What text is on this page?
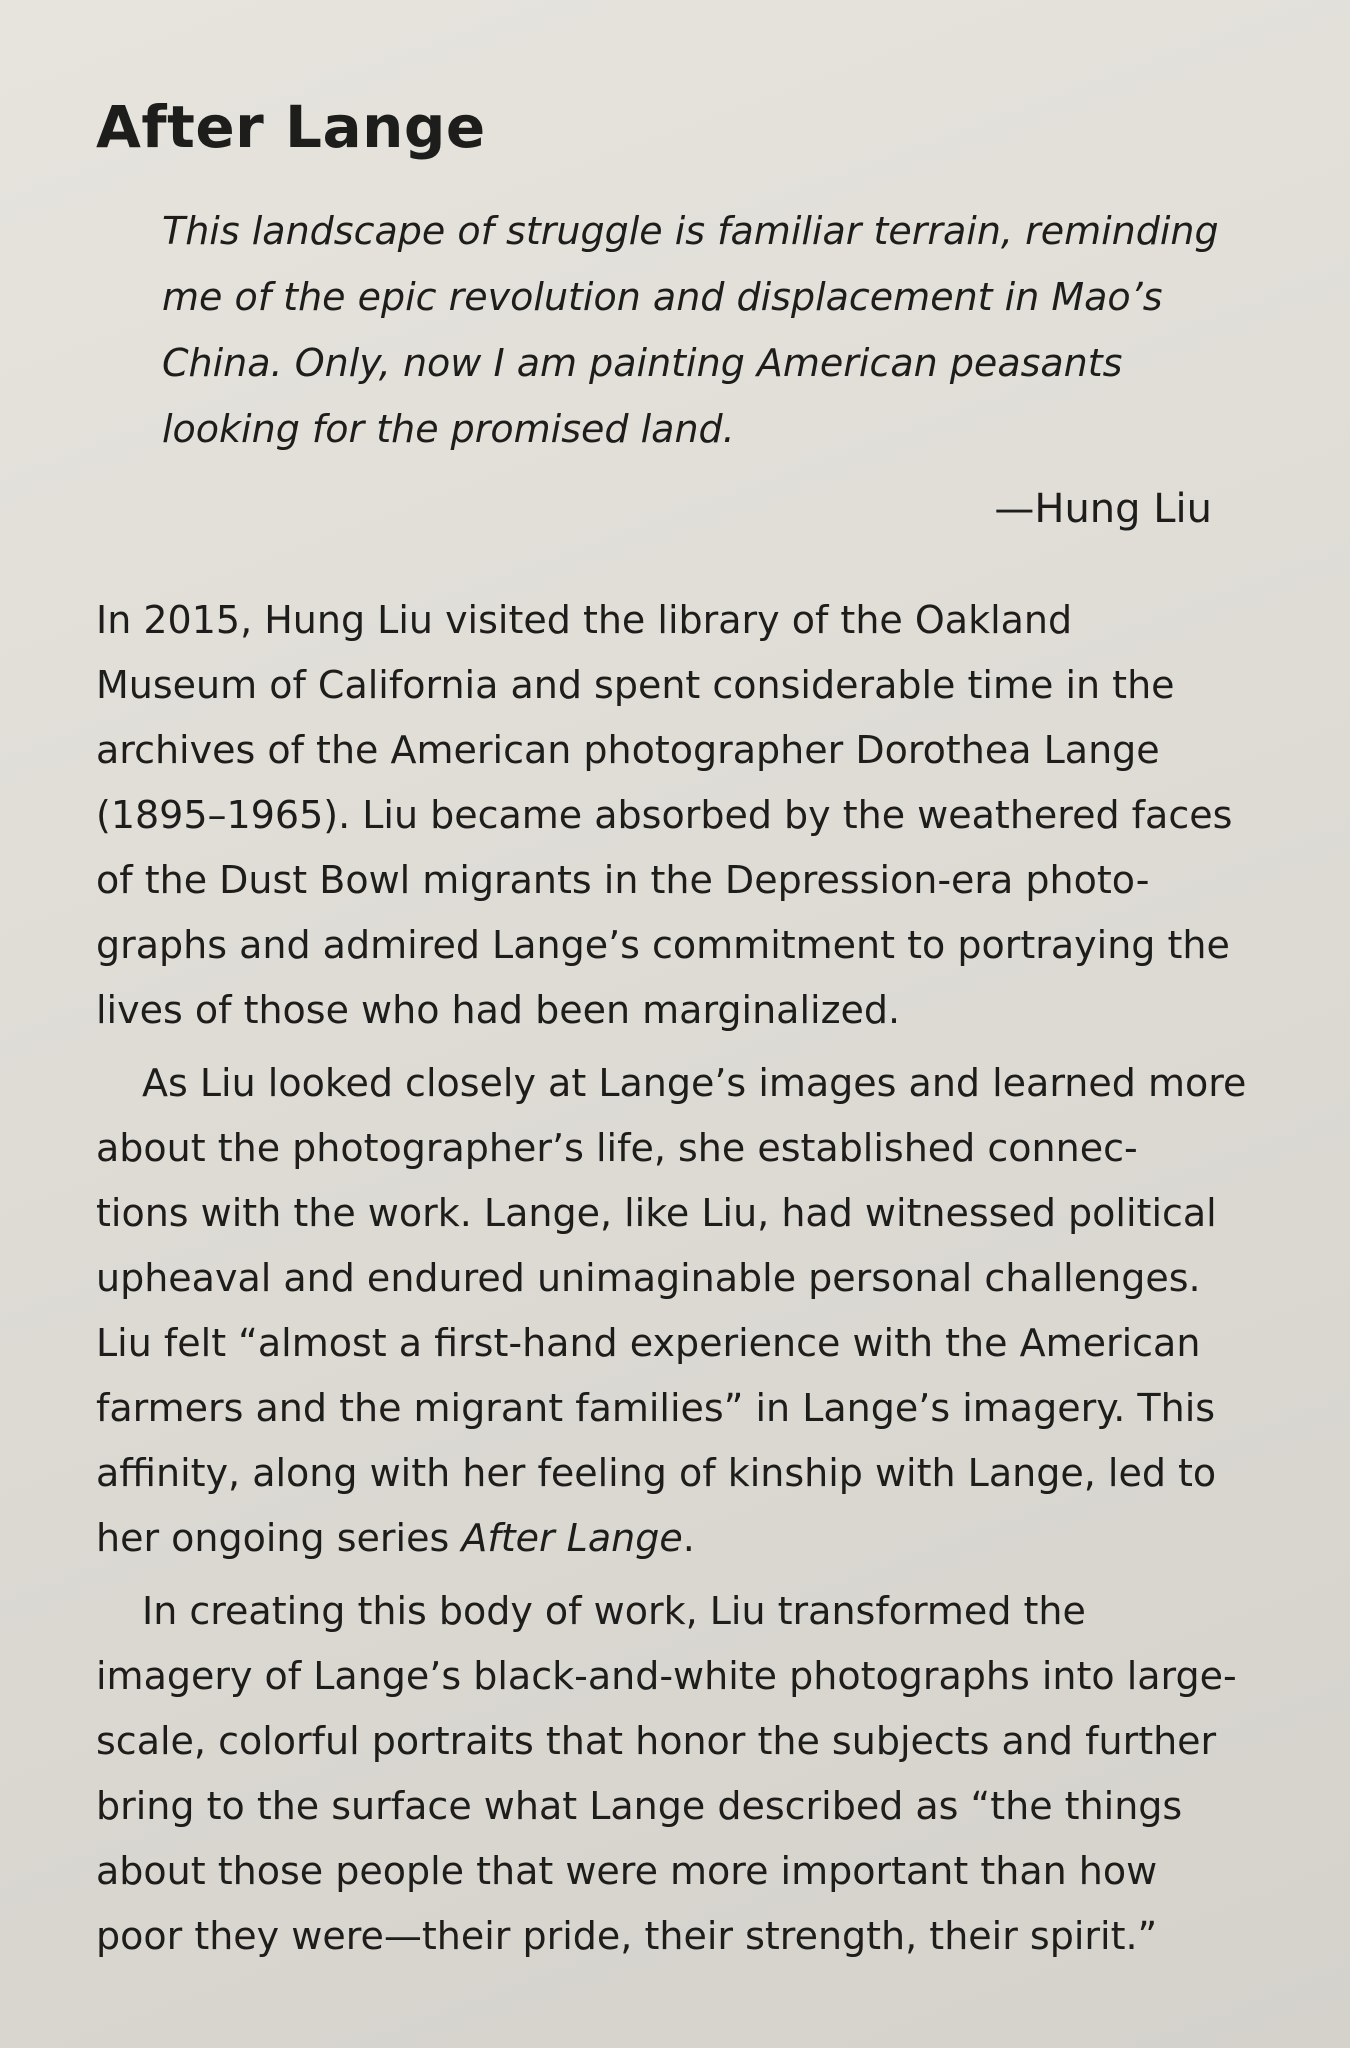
After Lange
This landscape of struggle is familiar terrain, reminding
me of the epic revolution and displacement in Mao’s
China. Only, now I am painting American peasants
looking for the promised land.
—Hung Liu
In 2015, Hung Liu visited the library of the Oakland
Museum of California and spent considerable time in the
archives of the American photographer Dorothea Lange
(1895–1965). Liu became absorbed by the weathered faces
of the Dust Bowl migrants in the Depression-era photo-
graphs and admired Lange’s commitment to portraying the
lives of those who had been marginalized.
As Liu looked closely at Lange’s images and learned more
about the photographer’s life, she established connec-
tions with the work. Lange, like Liu, had witnessed political
upheaval and endured unimaginable personal challenges.
Liu felt “almost a first-hand experience with the American
farmers and the migrant families” in Lange’s imagery. This
affinity, along with her feeling of kinship with Lange, led to
her ongoing series After Lange.
In creating this body of work, Liu transformed the
imagery of Lange’s black-and-white photographs into large-
scale, colorful portraits that honor the subjects and further
bring to the surface what Lange described as “the things
about those people that were more important than how
poor they were—their pride, their strength, their spirit.”
